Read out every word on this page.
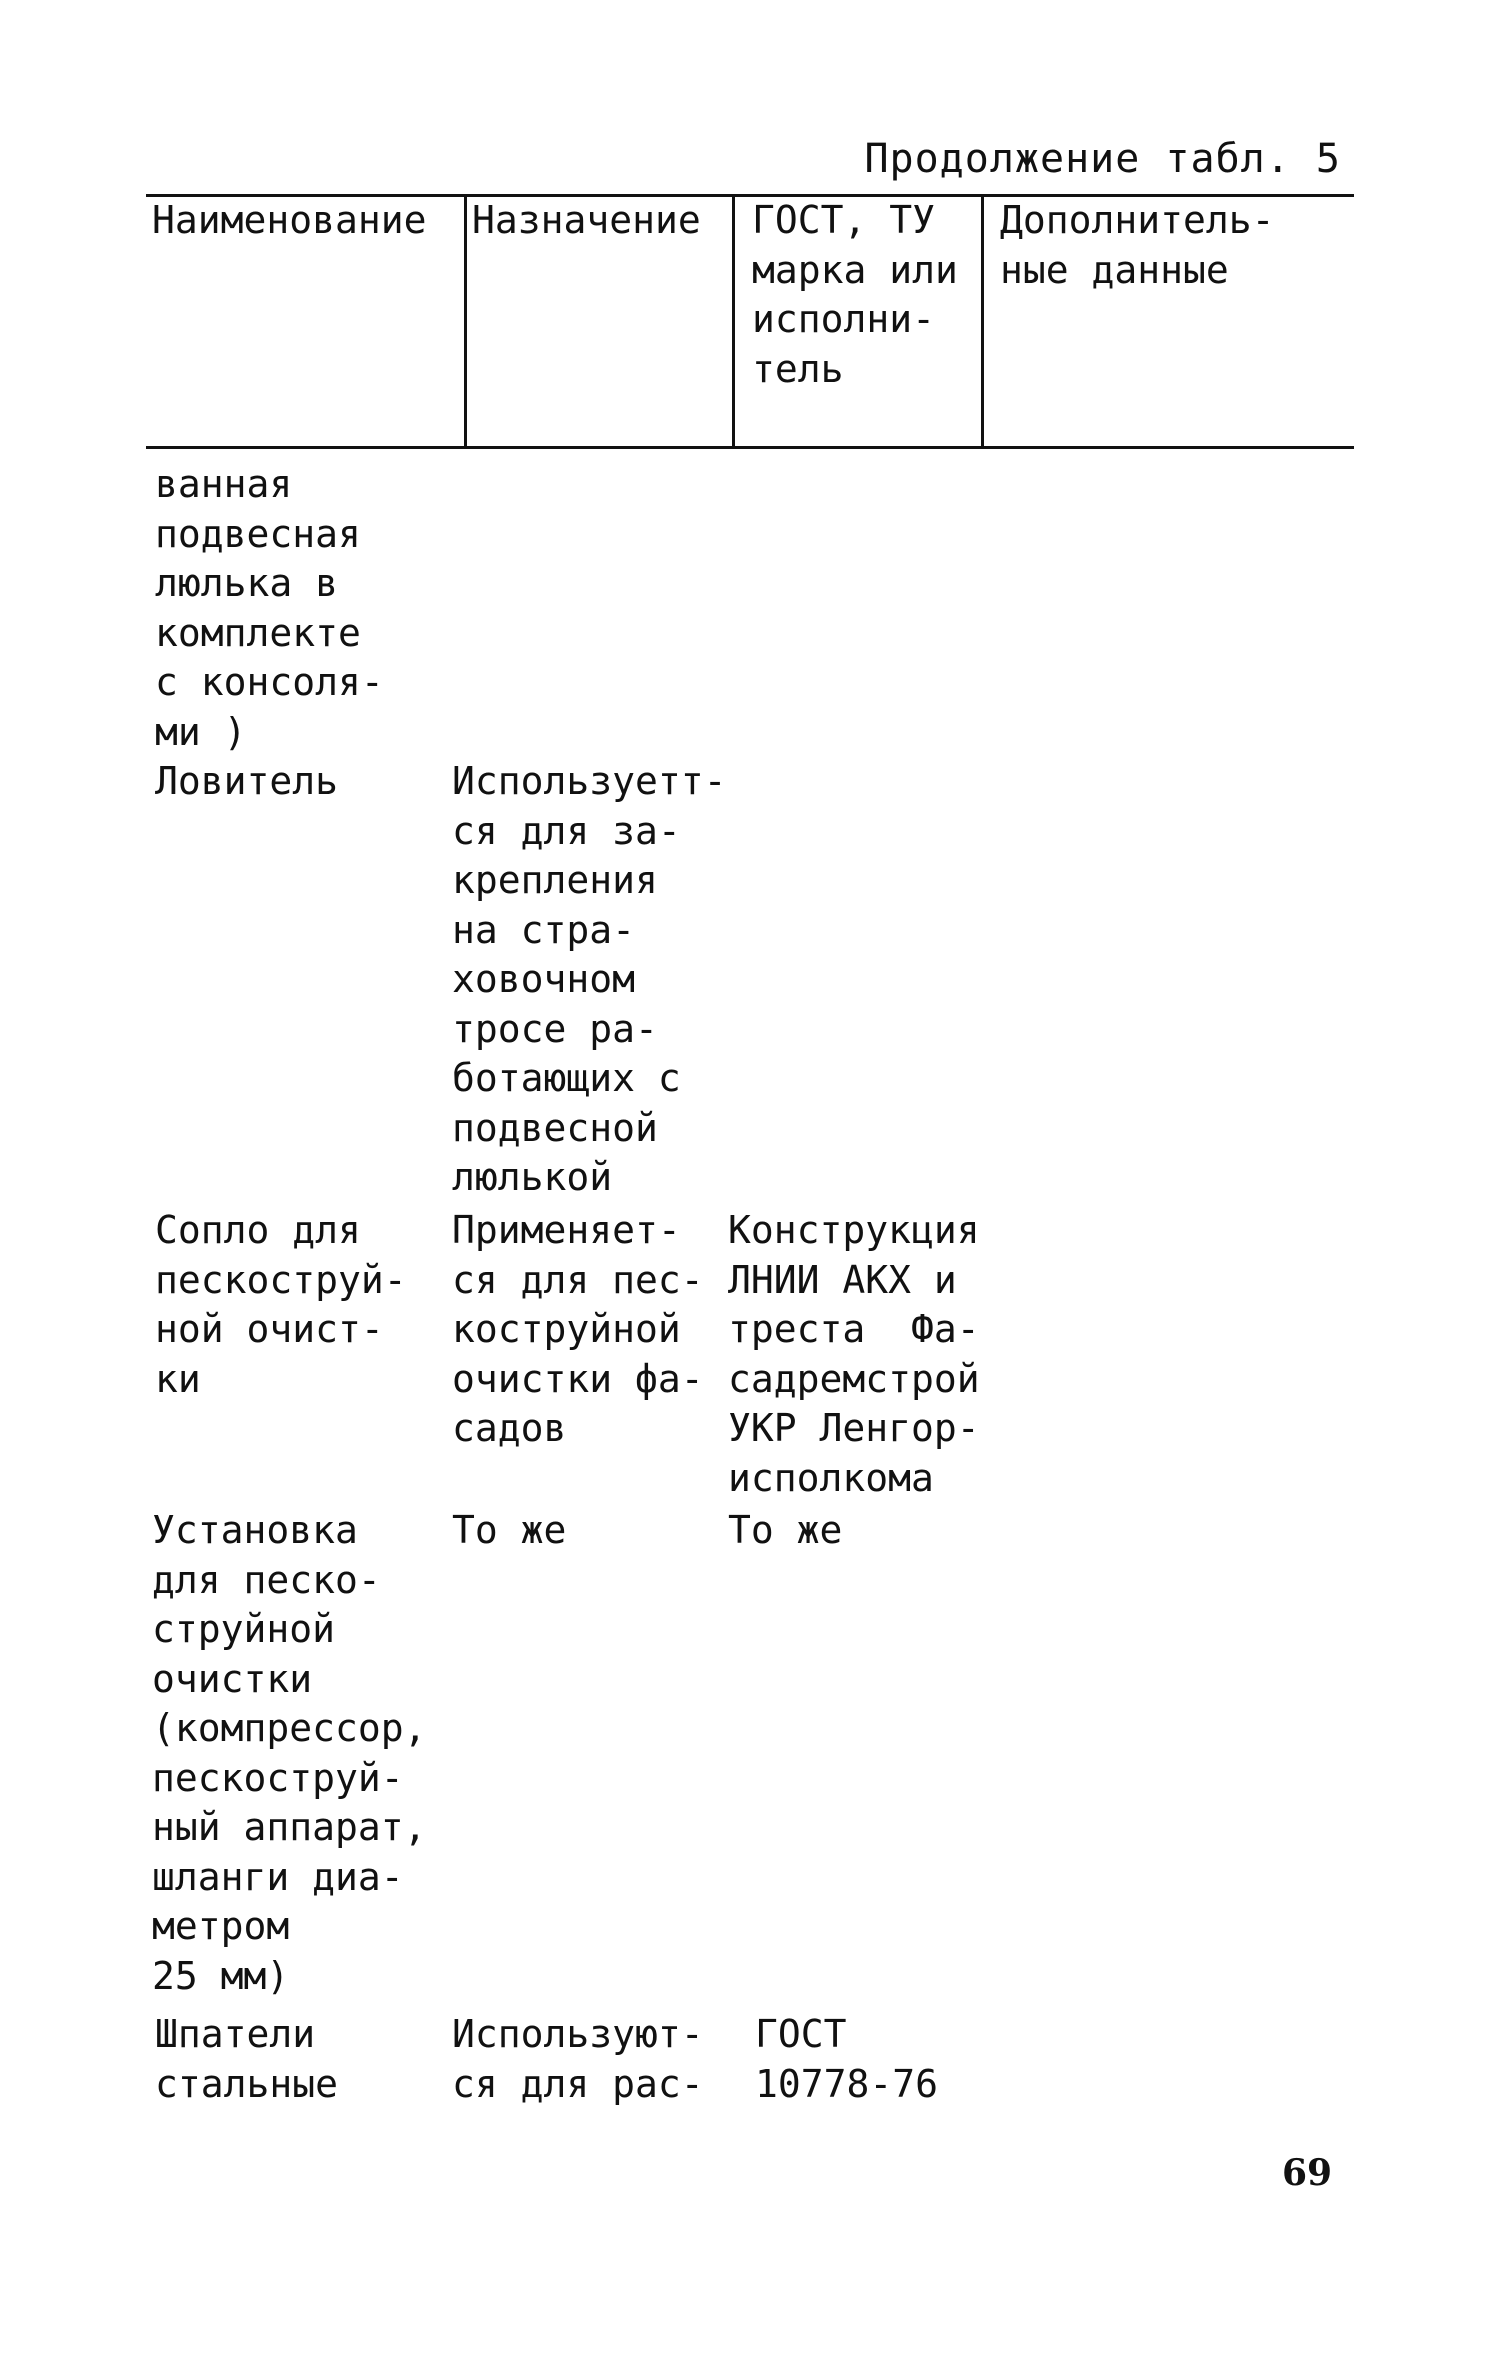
Продолжение табл. 5
Наименование Назначение ГОСТ, ТУ
марка или
исполни-
тель
Дополнитель-
ные данные
ванная
подвесная
люлька в
комплекте
с консоля-
ми )
Ловитель	Используетт-
ся для за-
крепления
на стра-
ховочном
тросе ра-
ботающих с
подвесной
люлькой
Сопло для
пескоструй-
ной очист-
ки
Применяет-
ся для пес-
коструйной
очистки фа-
садов
Конструкция
ЛНИИ АКХ и
треста  Фа-
садремстрой
УКР Ленгор-
исполкома
Установка
для песко-
струйной
очистки
(компрессор,
пескоструй-
ный аппарат,
шланги диа-
метром
25 мм)
То же	То же
Шпатели
стальные
Используют-
ся для рас-
ГОСТ
10778-76
69
